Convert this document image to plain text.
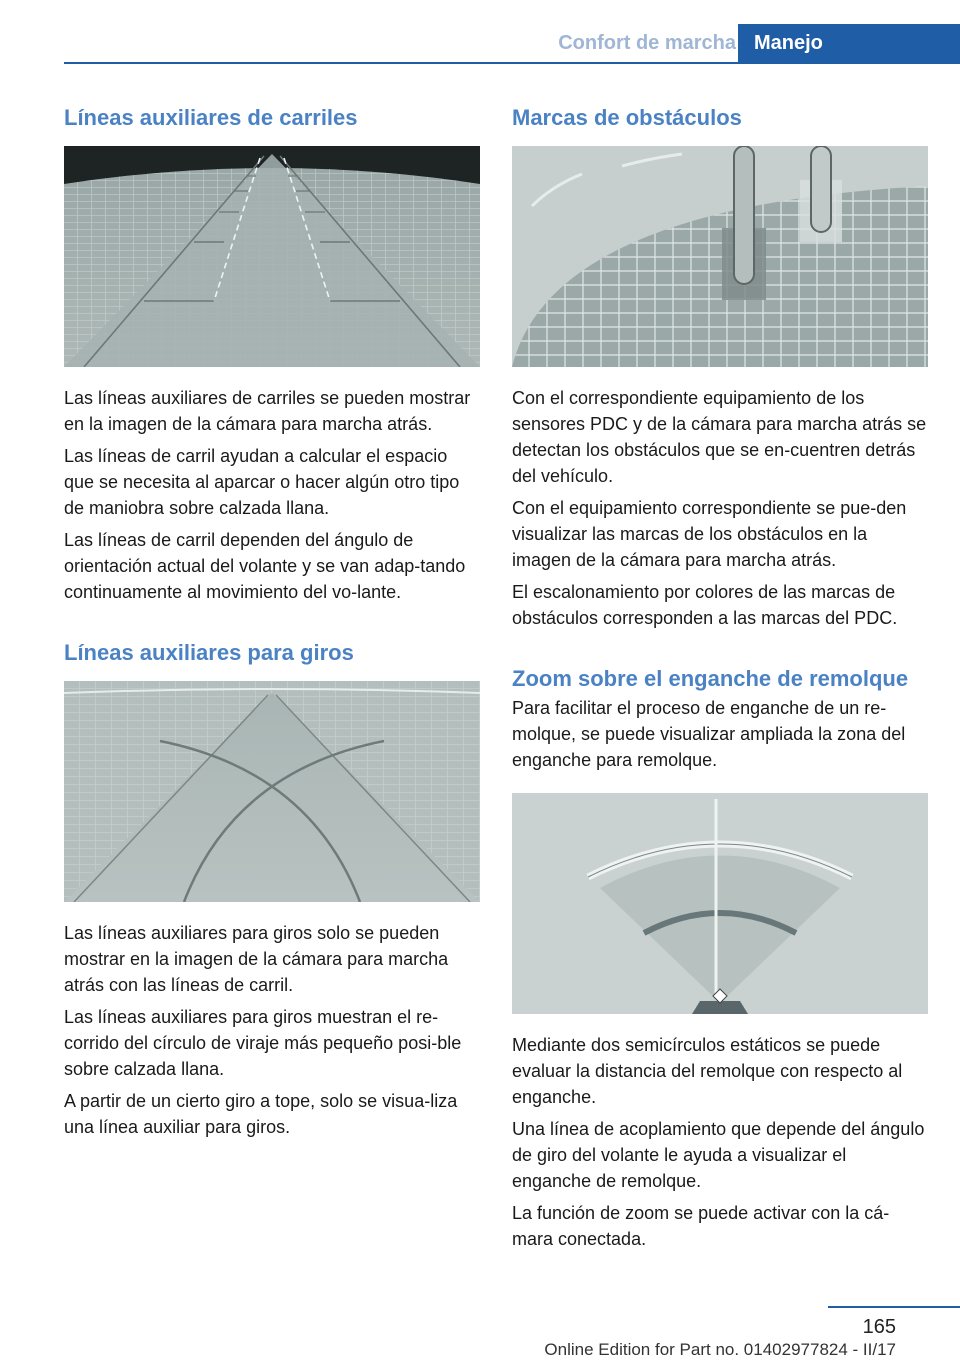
Confort de marcha Manejo
Líneas auxiliares de carriles

Las líneas auxiliares de carriles se pueden mostrar en la imagen de la cámara para marcha atrás.

Las líneas de carril ayudan a calcular el espacio que se necesita al aparcar o hacer algún otro tipo de maniobra sobre calzada llana.

Las líneas de carril dependen del ángulo de orientación actual del volante y se van adap‐tando continuamente al movimiento del vo‐lante.

Líneas auxiliares para giros

Las líneas auxiliares para giros solo se pueden mostrar en la imagen de la cámara para marcha atrás con las líneas de carril.

Las líneas auxiliares para giros muestran el re‐corrido del círculo de viraje más pequeño posi‐ble sobre calzada llana.

A partir de un cierto giro a tope, solo se visua‐liza una línea auxiliar para giros.

Marcas de obstáculos

Con el correspondiente equipamiento de los sensores PDC y de la cámara para marcha atrás se detectan los obstáculos que se en‐cuentren detrás del vehículo.

Con el equipamiento correspondiente se pue‐den visualizar las marcas de los obstáculos en la imagen de la cámara para marcha atrás.

El escalonamiento por colores de las marcas de obstáculos corresponden a las marcas del PDC.

Zoom sobre el enganche de remolque

Para facilitar el proceso de enganche de un re‐molque, se puede visualizar ampliada la zona del enganche para remolque.

Mediante dos semicírculos estáticos se puede evaluar la distancia del remolque con respecto al enganche.

Una línea de acoplamiento que depende del ángulo de giro del volante le ayuda a visualizar el enganche de remolque.

La función de zoom se puede activar con la cá‐mara conectada.

165
Online Edition for Part no. 01402977824 - II/17
